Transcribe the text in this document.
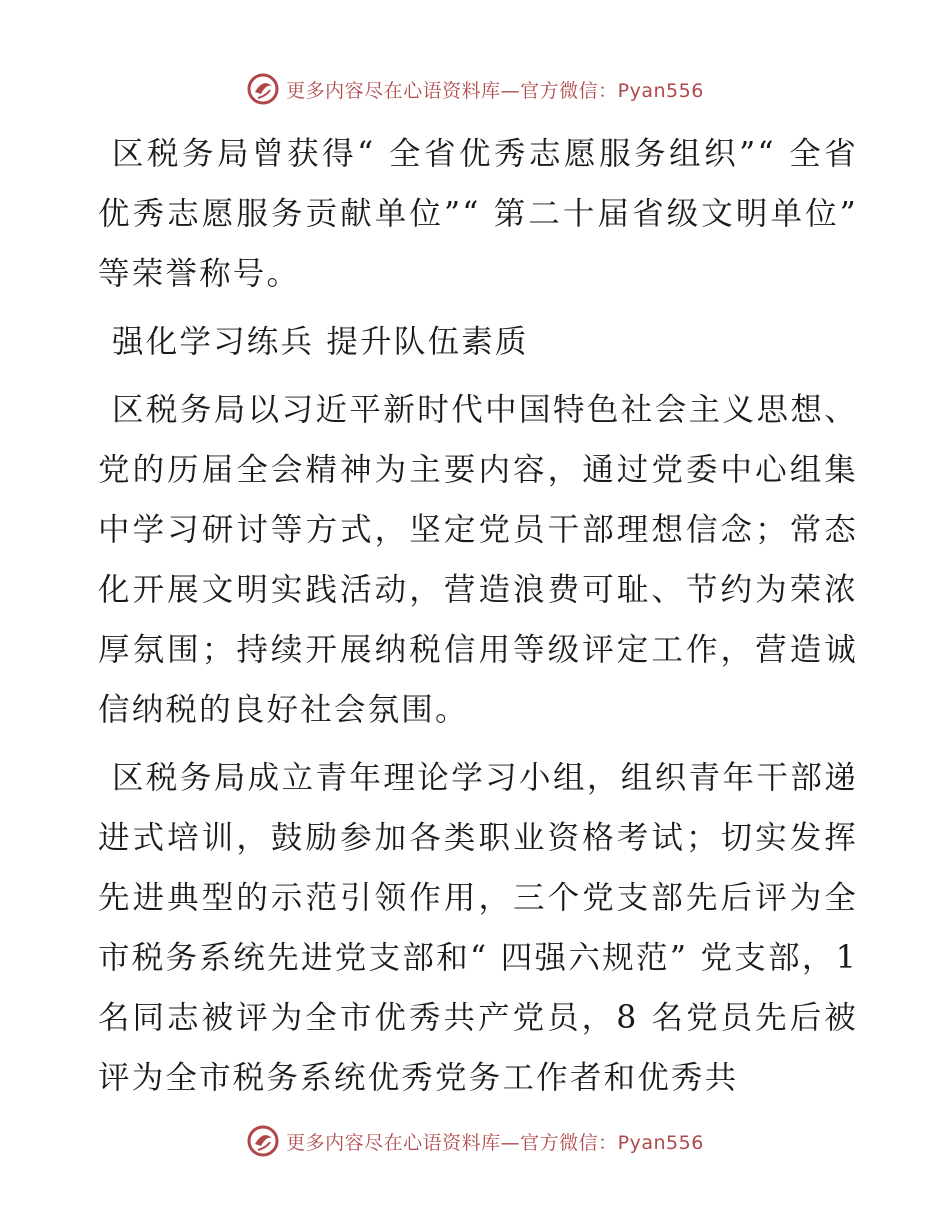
更多内容尽在心语资料库—官方微信：Pyan556

区税务局曾获得“ 全省优秀志愿服务组织”“ 全省优秀志愿服务贡献单位”“ 第二十届省级文明单位” 等荣誉称号。

强化学习练兵 提升队伍素质

区税务局以习近平新时代中国特色社会主义思想、党的历届全会精神为主要内容，通过党委中心组集中学习研讨等方式，坚定党员干部理想信念；常态化开展文明实践活动，营造浪费可耻、节约为荣浓厚氛围；持续开展纳税信用等级评定工作，营造诚信纳税的良好社会氛围。

区税务局成立青年理论学习小组，组织青年干部递进式培训，鼓励参加各类职业资格考试；切实发挥先进典型的示范引领作用，三个党支部先后评为全市税务系统先进党支部和“ 四强六规范” 党支部，1 名同志被评为全市优秀共产党员，8 名党员先后被评为全市税务系统优秀党务工作者和优秀共

更多内容尽在心语资料库—官方微信：Pyan556
